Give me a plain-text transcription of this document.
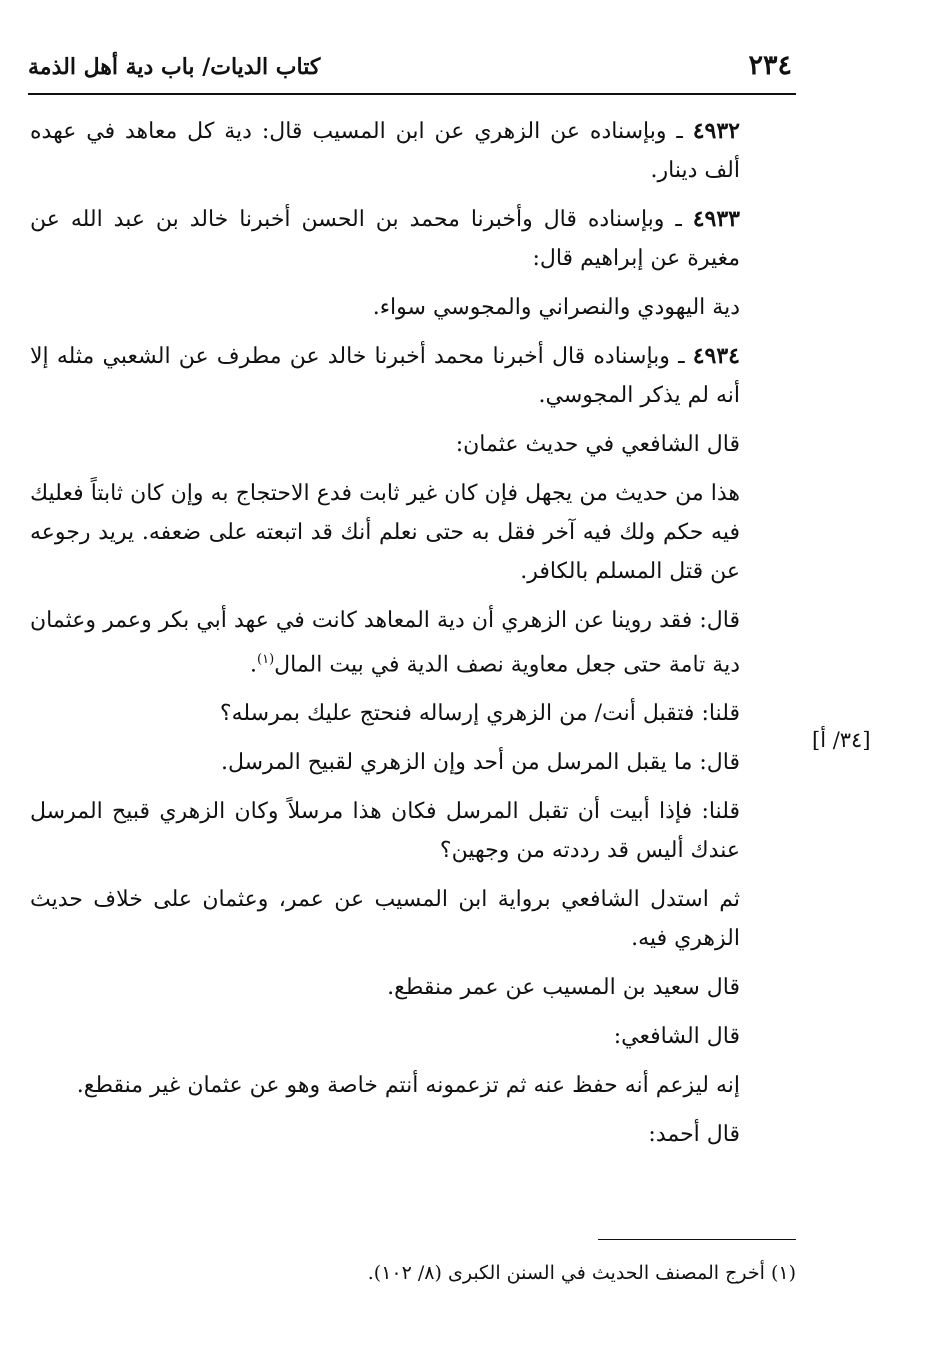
٢٣٤
كتاب الديات/ باب دية أهل الذمة
[٣٤/ أ]

٤٩٣٢ ـ وبإسناده عن الزهري عن ابن المسيب قال: دية كل معاهد في عهده ألف دينار.

٤٩٣٣ ـ وبإسناده قال وأخبرنا محمد بن الحسن أخبرنا خالد بن عبد الله عن مغيرة عن إبراهيم قال:

دية اليهودي والنصراني والمجوسي سواء.

٤٩٣٤ ـ وبإسناده قال أخبرنا محمد أخبرنا خالد عن مطرف عن الشعبي مثله إلا أنه لم يذكر المجوسي.

قال الشافعي في حديث عثمان:

هذا من حديث من يجهل فإن كان غير ثابت فدع الاحتجاج به وإن كان ثابتاً فعليك فيه حكم ولك فيه آخر فقل به حتى نعلم أنك قد اتبعته على ضعفه. يريد رجوعه عن قتل المسلم بالكافر.

قال: فقد روينا عن الزهري أن دية المعاهد كانت في عهد أبي بكر وعمر وعثمان دية تامة حتى جعل معاوية نصف الدية في بيت المال$^{(١)}$.

قلنا: فتقبل أنت/ من الزهري إرساله فنحتج عليك بمرسله؟

قال: ما يقبل المرسل من أحد وإن الزهري لقبيح المرسل.

قلنا: فإذا أبيت أن تقبل المرسل فكان هذا مرسلاً وكان الزهري قبيح المرسل عندك أليس قد رددته من وجهين؟

ثم استدل الشافعي برواية ابن المسيب عن عمر، وعثمان على خلاف حديث الزهري فيه.

قال سعيد بن المسيب عن عمر منقطع.

قال الشافعي:

إنه ليزعم أنه حفظ عنه ثم تزعمونه أنتم خاصة وهو عن عثمان غير منقطع.

قال أحمد:

(١) أخرج المصنف الحديث في السنن الكبرى (٨/ ١٠٢).
